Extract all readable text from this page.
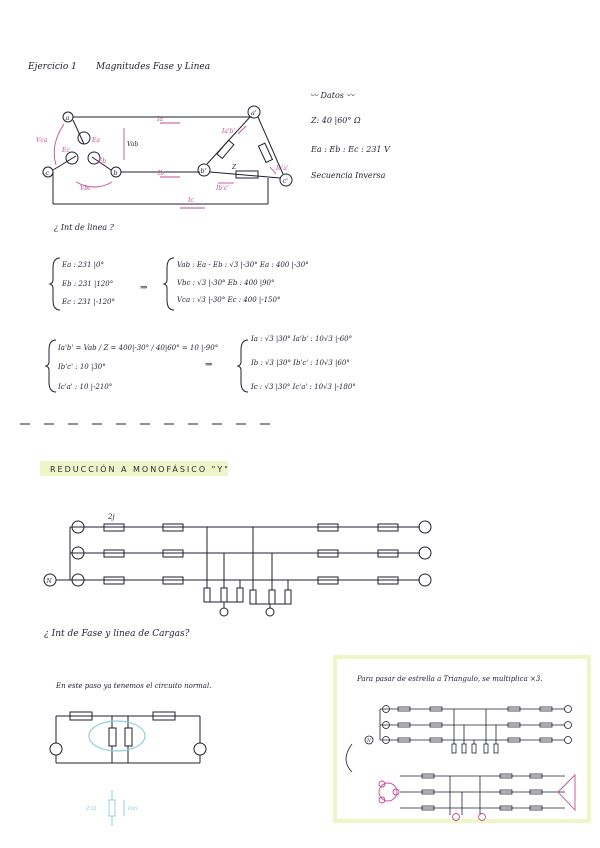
Ejercicio 1 Magnitudes Fase y Linea
〰 Datos 〰
Z: 40 |60° Ω
Ea : Eb : Ec : 231 V
Secuencia Inversa
a
c	b
a'
b'
c'
Z
Vca
Vab
Vbc
Ea
Eb
Ec
Ia
Ib
Ic
Ia'b'
Ic'a'
Ib'c'
¿ Int de linea ?
Ea : 231 |0°
Eb : 231 |120°
Ec : 231 |-120°
⇒
Vab : Ea - Eb : √3 |-30° Ea : 400 |-30°
Vbc : √3 |-30° Eb : 400 |90°
Vca : √3 |-30° Ec : 400 |-150°
Ia'b' = Vab / Z = 400|-30° / 40|60° = 10 |-90°
Ib'c' : 10 |30°
Ic'a' : 10 |-210°
⇒
Ia : √3 |30° Ia'b' : 10√3 |-60°
Ib : √3 |30° Ib'c' : 10√3 |60°
Ic : √3 |30° Ic'a' : 10√3 |-180°
REDUCCIÓN A MONOFÁSICO "Y"
N
2j
¿ Int de Fase y linea de Cargas?
En este paso ya tenemos el circuito normal.
Z Ω	Van
Para pasar de estrella a Triangulo, se multiplica ×3.
N
